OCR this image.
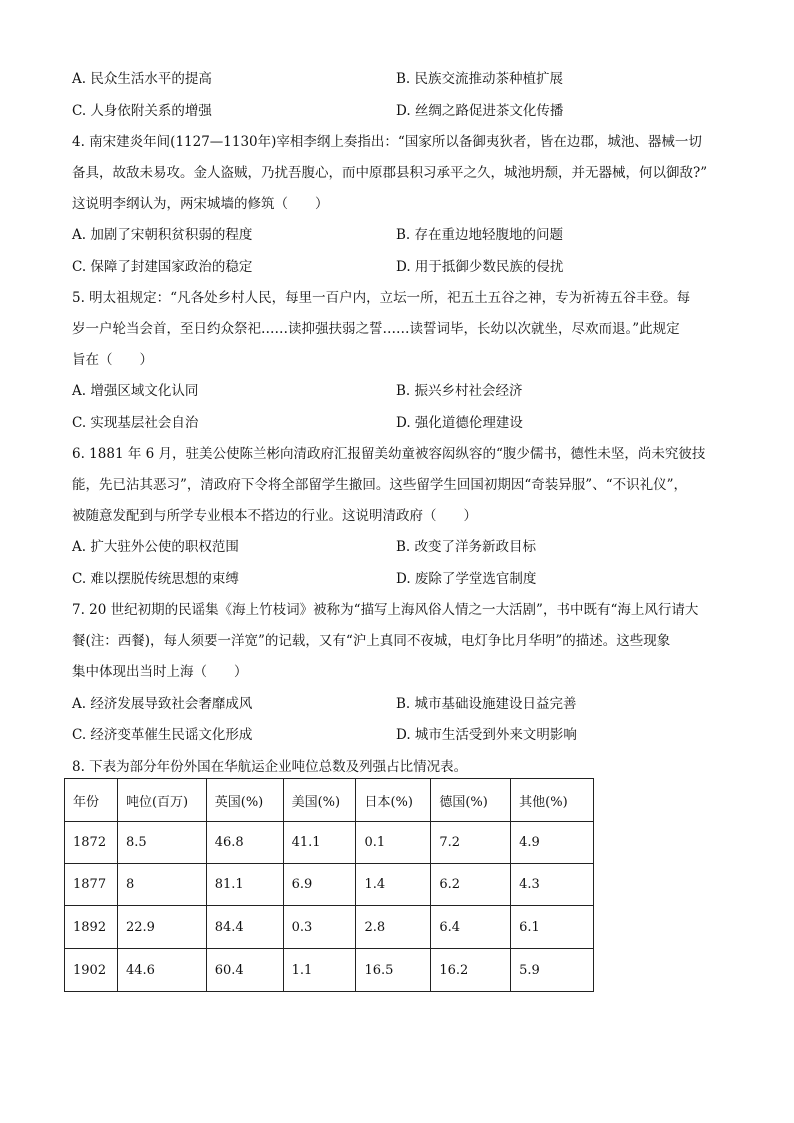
A. 民众生活水平的提高	B. 民族交流推动茶种植扩展
C. 人身依附关系的增强	D. 丝绸之路促进茶文化传播
4. 南宋建炎年间(1127—1130年)宰相李纲上奏指出：“国家所以备御夷狄者，皆在边郡，城池、器械一切
备具，故敌未易攻。金人盗贼，乃扰吾腹心，而中原郡县积习承平之久，城池坍颓，并无器械，何以御敌?”
这说明李纲认为，两宋城墙的修筑（　　）
A. 加剧了宋朝积贫积弱的程度	B. 存在重边地轻腹地的问题
C. 保障了封建国家政治的稳定	D. 用于抵御少数民族的侵扰
5. 明太祖规定：“凡各处乡村人民，每里一百户内，立坛一所，祀五土五谷之神，专为祈祷五谷丰登。每
岁一户轮当会首，至日约众祭祀……读抑强扶弱之誓……读誓词毕，长幼以次就坐，尽欢而退。”此规定
旨在（　　）
A. 增强区域文化认同	B. 振兴乡村社会经济
C. 实现基层社会自治	D. 强化道德伦理建设
6. 1881 年 6 月，驻美公使陈兰彬向清政府汇报留美幼童被容闳纵容的“腹少儒书，德性未坚，尚未究彼技
能，先已沾其恶习”，清政府下令将全部留学生撤回。这些留学生回国初期因“奇装异服”、“不识礼仪”，
被随意发配到与所学专业根本不搭边的行业。这说明清政府（　　）
A. 扩大驻外公使的职权范围	B. 改变了洋务新政目标
C. 难以摆脱传统思想的束缚	D. 废除了学堂选官制度
7. 20 世纪初期的民谣集《海上竹枝词》被称为“描写上海风俗人情之一大活剧”，书中既有“海上风行请大
餐(注：西餐)，每人须要一洋宽”的记载，又有“沪上真同不夜城，电灯争比月华明”的描述。这些现象
集中体现出当时上海（　　）
A. 经济发展导致社会奢靡成风	B. 城市基础设施建设日益完善
C. 经济变革催生民谣文化形成	D. 城市生活受到外来文明影响
8. 下表为部分年份外国在华航运企业吨位总数及列强占比情况表。
年份	吨位(百万)	英国(%)	美国(%)	日本(%)	德国(%)	其他(%)
1872	8.5	46.8	41.1	0.1	7.2	4.9
1877	8	81.1	6.9	1.4	6.2	4.3
1892	22.9	84.4	0.3	2.8	6.4	6.1
1902	44.6	60.4	1.1	16.5	16.2	5.9
